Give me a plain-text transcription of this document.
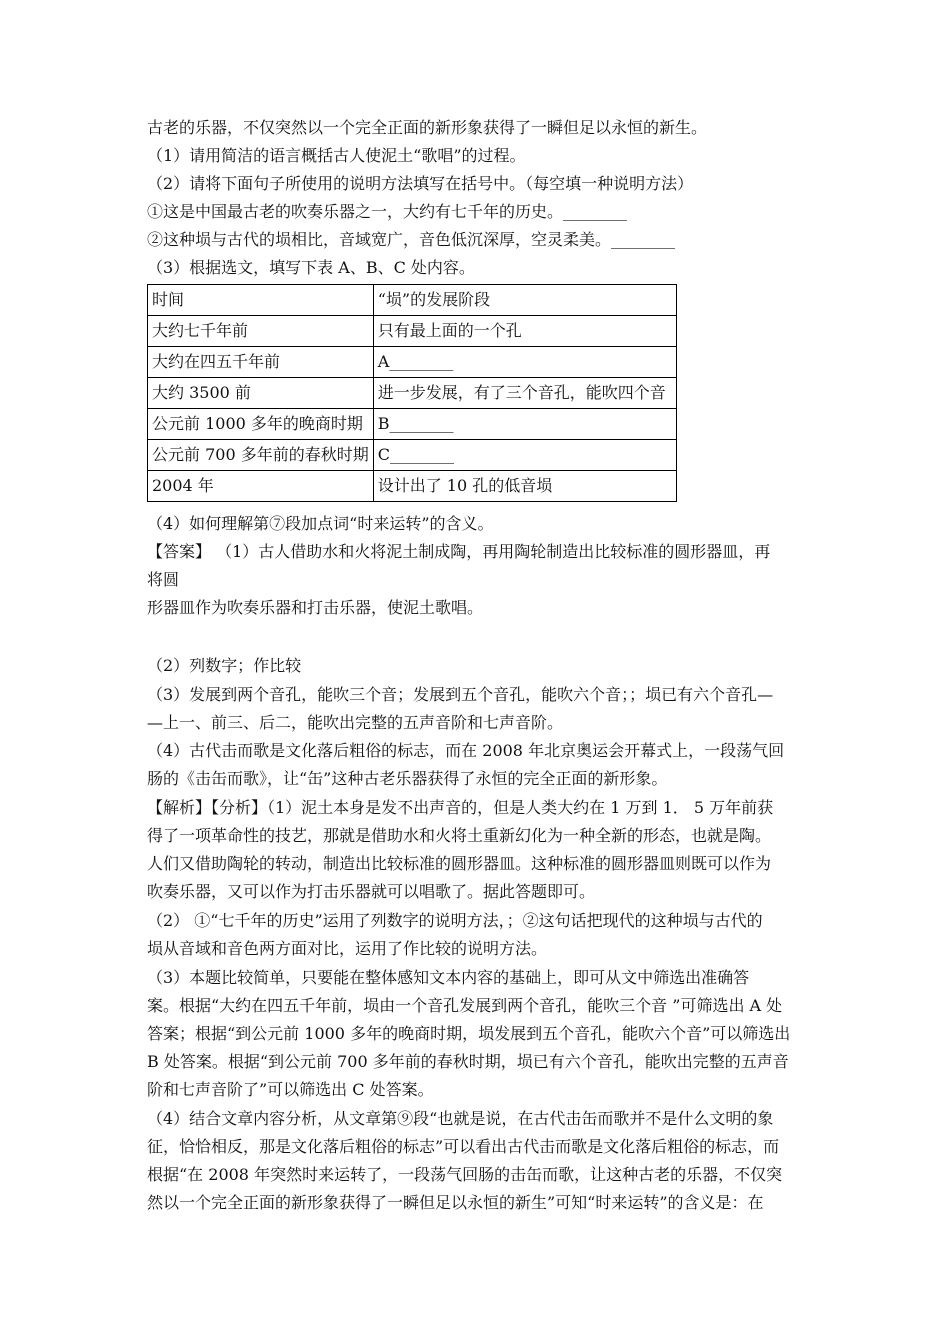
古老的乐器，不仅突然以一个完全正面的新形象获得了一瞬但足以永恒的新生。
（1）请用简洁的语言概括古人使泥土“歌唱”的过程。
（2）请将下面句子所使用的说明方法填写在括号中。（每空填一种说明方法）
①这是中国最古老的吹奏乐器之一，大约有七千年的历史。________
②这种埙与古代的埙相比，音域宽广，音色低沉深厚，空灵柔美。________
（3）根据选文，填写下表 A、B、C 处内容。
时间	“埙”的发展阶段
大约七千年前	只有最上面的一个孔
大约在四五千年前	A________
大约 3500 前	进一步发展，有了三个音孔，能吹四个音
公元前 1000 多年的晚商时期	B________
公元前 700 多年前的春秋时期	C________
2004 年	设计出了 10 孔的低音埙
（4）如何理解第⑦段加点词“时来运转”的含义。
【答案】 （1）古人借助水和火将泥土制成陶，再用陶轮制造出比较标准的圆形器皿，再
将圆
形器皿作为吹奏乐器和打击乐器，使泥土歌唱。
（2）列数字；作比较
（3）发展到两个音孔，能吹三个音；发展到五个音孔，能吹六个音；；埙已有六个音孔—
—上一、前三、后二，能吹出完整的五声音阶和七声音阶。
（4）古代击而歌是文化落后粗俗的标志，而在 2008 年北京奥运会开幕式上，一段荡气回
肠的《击缶而歌》，让“缶”这种古老乐器获得了永恒的完全正面的新形象。
【解析】【分析】（1）泥土本身是发不出声音的，但是人类大约在 1 万到 1． 5 万年前获
得了一项革命性的技艺，那就是借助水和火将土重新幻化为一种全新的形态，也就是陶。
人们又借助陶轮的转动，制造出比较标准的圆形器皿。这种标准的圆形器皿则既可以作为
吹奏乐器，又可以作为打击乐器就可以唱歌了。据此答题即可。
（2） ①“七千年的历史”运用了列数字的说明方法，；②这句话把现代的这种埙与古代的
埙从音域和音色两方面对比，运用了作比较的说明方法。
（3）本题比较简单，只要能在整体感知文本内容的基础上，即可从文中筛选出准确答
案。根据“大约在四五千年前，埙由一个音孔发展到两个音孔，能吹三个音 ”可筛选出 A 处
答案；根据“到公元前 1000 多年的晚商时期，埙发展到五个音孔，能吹六个音”可以筛选出
B 处答案。根据“到公元前 700 多年前的春秋时期，埙已有六个音孔，能吹出完整的五声音
阶和七声音阶了”可以筛选出 C 处答案。
（4）结合文章内容分析，从文章第⑨段“也就是说，在古代击缶而歌并不是什么文明的象
征，恰恰相反，那是文化落后粗俗的标志”可以看出古代击而歌是文化落后粗俗的标志，而
根据“在 2008 年突然时来运转了，一段荡气回肠的击缶而歌，让这种古老的乐器，不仅突
然以一个完全正面的新形象获得了一瞬但足以永恒的新生”可知“时来运转”的含义是：在
